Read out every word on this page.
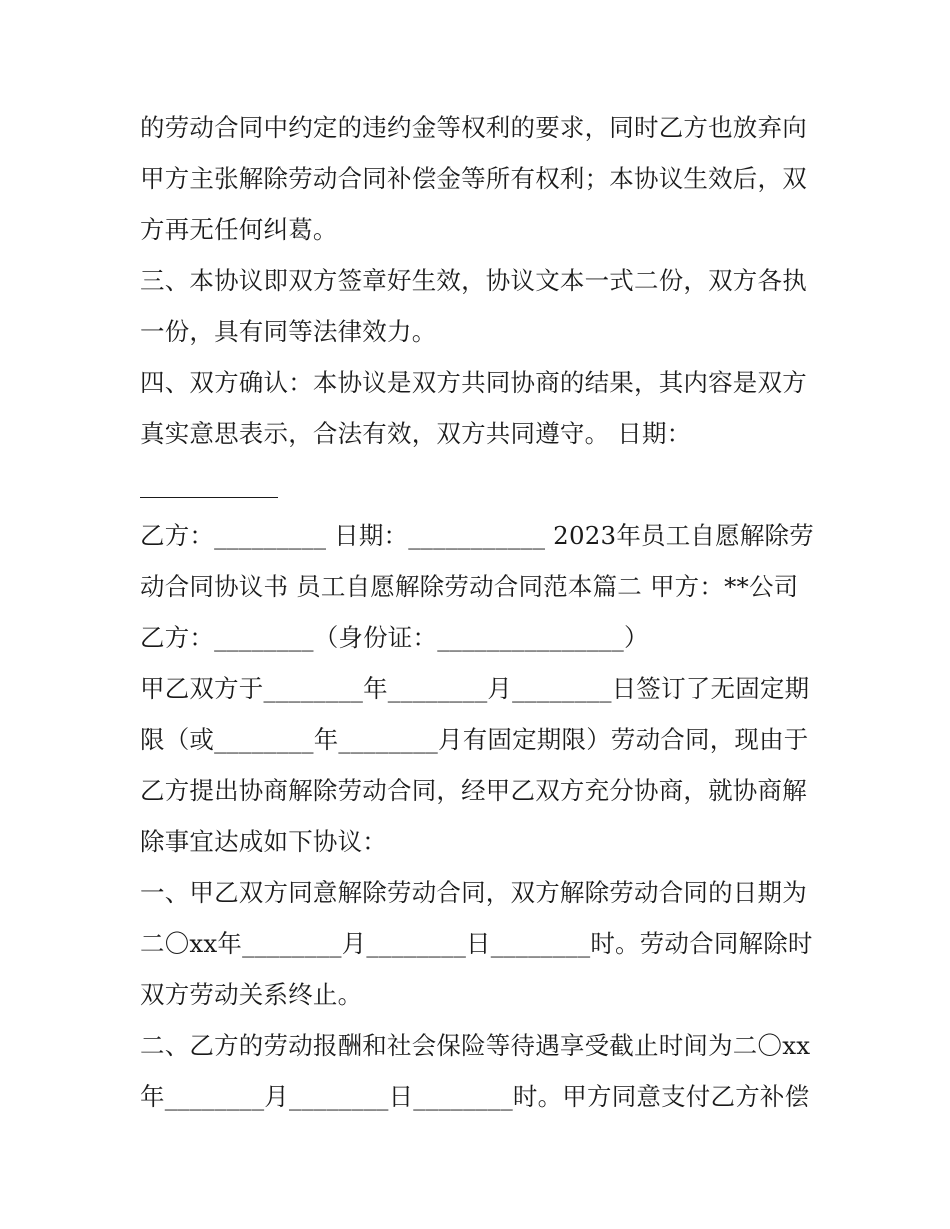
的劳动合同中约定的违约金等权利的要求，同时乙方也放弃向
甲方主张解除劳动合同补偿金等所有权利；本协议生效后，双
方再无任何纠葛。
三、本协议即双方签章好生效，协议文本一式二份，双方各执
一份，具有同等法律效力。
四、双方确认：本协议是双方共同协商的结果，其内容是双方
真实意思表示，合法有效，双方共同遵守。 日期：
乙方：_________ 日期：___________ 2023年员工自愿解除劳
动合同协议书 员工自愿解除劳动合同范本篇二 甲方：**公司
乙方：________（身份证：_______________）
甲乙双方于________年________月________日签订了无固定期
限（或________年________月有固定期限）劳动合同，现由于
乙方提出协商解除劳动合同，经甲乙双方充分协商，就协商解
除事宜达成如下协议：
一、甲乙双方同意解除劳动合同，双方解除劳动合同的日期为
二〇xx年________月________日________时。劳动合同解除时
双方劳动关系终止。
二、乙方的劳动报酬和社会保险等待遇享受截止时间为二〇xx
年________月________日________时。甲方同意支付乙方补偿
